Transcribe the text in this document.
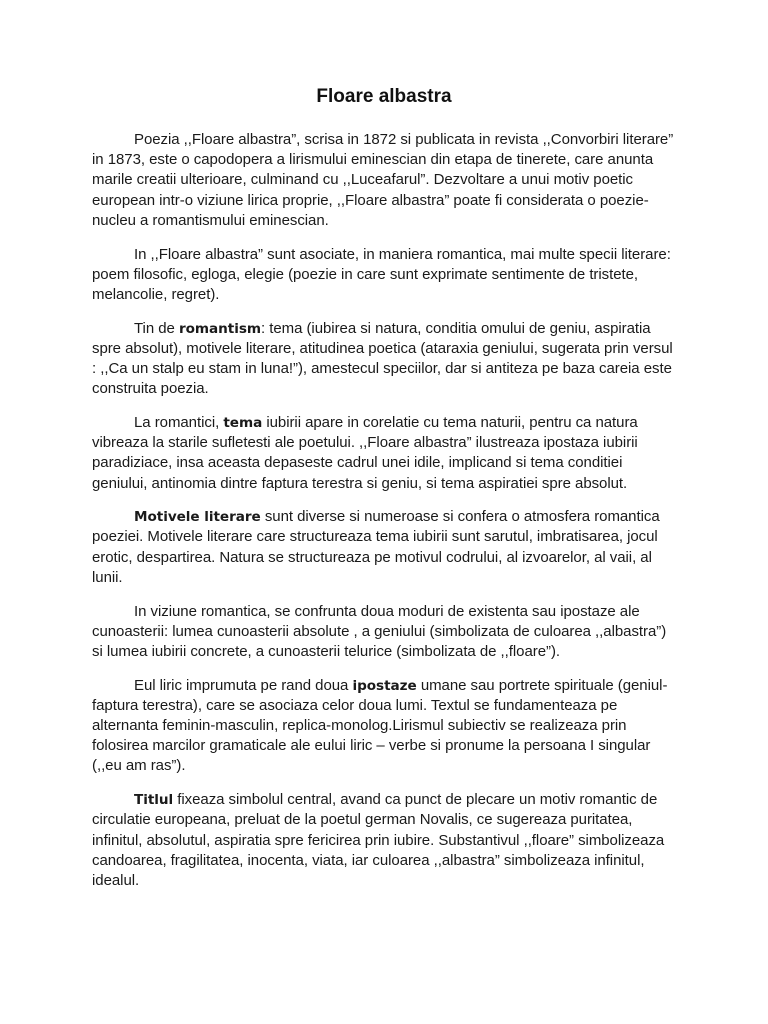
Floare albastra

Poezia ,,Floare albastra”, scrisa in 1872 si publicata in revista ,,Convorbiri literare” in 1873, este o capodopera a lirismului eminescian din etapa de tinerete, care anunta marile creatii ulterioare, culminand cu ,,Luceafarul”. Dezvoltare a unui motiv poetic european intr-o viziune lirica proprie, ,,Floare albastra” poate fi considerata o poezie-nucleu a romantismului eminescian.

In ,,Floare albastra” sunt asociate, in maniera romantica, mai multe specii literare: poem filosofic, egloga, elegie (poezie in care sunt exprimate sentimente de tristete, melancolie, regret).

Tin de romantism: tema (iubirea si natura, conditia omului de geniu, aspiratia spre absolut), motivele literare, atitudinea poetica (ataraxia geniului, sugerata prin versul : ,,Ca un stalp eu stam in luna!”), amestecul speciilor, dar si antiteza pe baza careia este construita poezia.

La romantici, tema iubirii apare in corelatie cu tema naturii, pentru ca natura vibreaza la starile sufletesti ale poetului. ,,Floare albastra” ilustreaza ipostaza iubirii paradiziace, insa aceasta depaseste cadrul unei idile, implicand si tema conditiei geniului, antinomia dintre faptura terestra si geniu, si tema aspiratiei spre absolut.

Motivele literare sunt diverse si numeroase si confera o atmosfera romantica poeziei. Motivele literare care structureaza tema iubirii sunt sarutul, imbratisarea, jocul erotic, despartirea. Natura se structureaza pe motivul codrului, al izvoarelor, al vaii, al lunii.

In viziune romantica, se confrunta doua moduri de existenta sau ipostaze ale cunoasterii: lumea cunoasterii absolute , a geniului (simbolizata de culoarea ,,albastra”) si lumea iubirii concrete, a cunoasterii telurice (simbolizata de ,,floare”).

Eul liric imprumuta pe rand doua ipostaze umane sau portrete spirituale (geniul-faptura terestra), care se asociaza celor doua lumi. Textul se fundamenteaza pe alternanta feminin-masculin, replica-monolog.Lirismul subiectiv se realizeaza prin folosirea marcilor gramaticale ale eului liric – verbe si pronume la persoana I singular (,,eu am ras”).

Titlul fixeaza simbolul central, avand ca punct de plecare un motiv romantic de circulatie europeana, preluat de la poetul german Novalis, ce sugereaza puritatea, infinitul, absolutul, aspiratia spre fericirea prin iubire. Substantivul ,,floare” simbolizeaza candoarea, fragilitatea, inocenta, viata, iar culoarea ,,albastra” simbolizeaza infinitul, idealul.
